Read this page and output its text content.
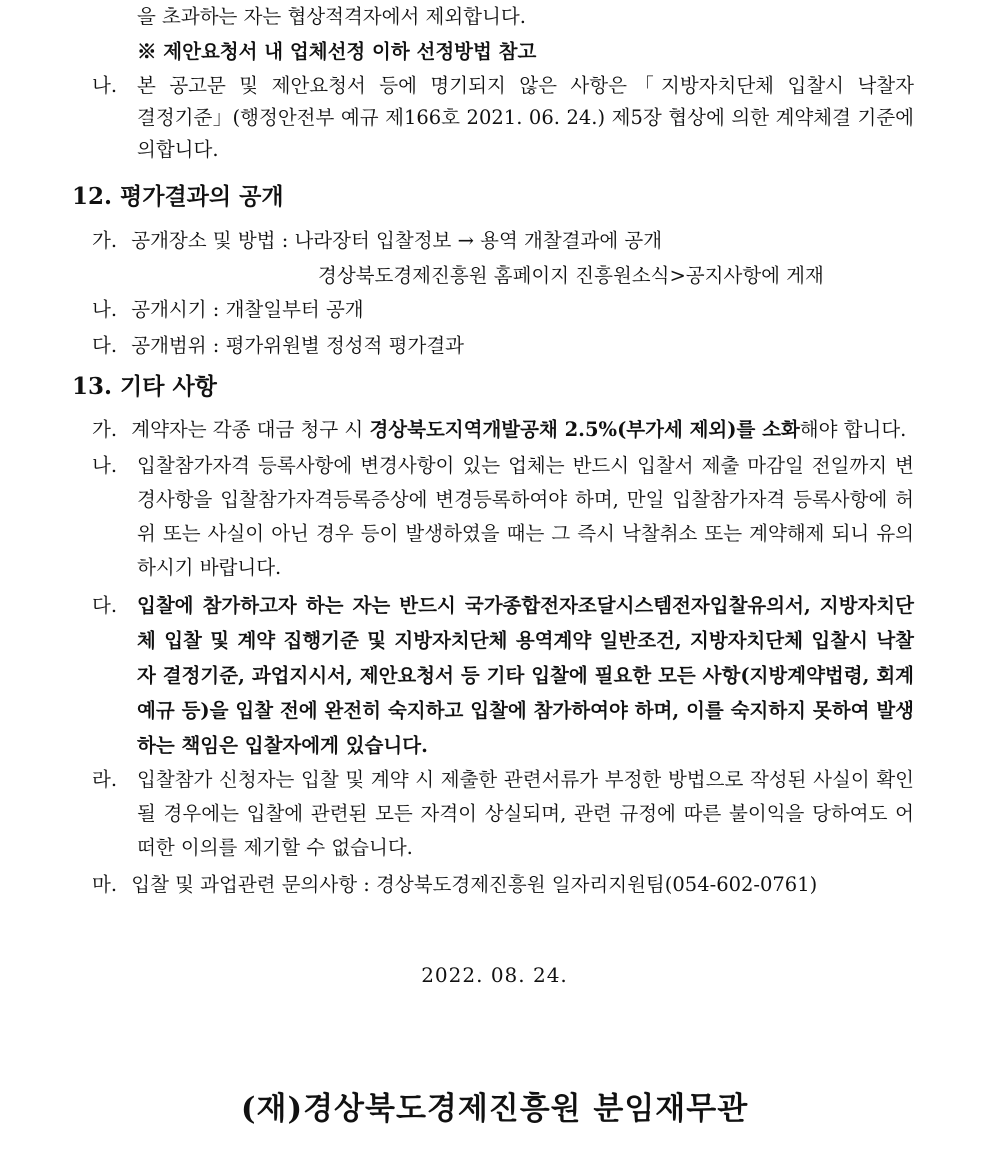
을 초과하는 자는 협상적격자에서 제외합니다.
※ 제안요청서 내 업체선정 이하 선정방법 참고
나. 본 공고문 및 제안요청서 등에 명기되지 않은 사항은「지방자치단체 입찰시 낙찰자
결정기준」(행정안전부 예규 제166호 2021. 06. 24.) 제5장 협상에 의한 계약체결 기준에
의합니다.
12. 평가결과의 공개
가. 공개장소 및 방법 : 나라장터 입찰정보 → 용역 개찰결과에 공개
경상북도경제진흥원 홈페이지 진흥원소식>공지사항에 게재
나. 공개시기 : 개찰일부터 공개
다. 공개범위 : 평가위원별 정성적 평가결과
13. 기타 사항
가. 계약자는 각종 대금 청구 시 경상북도지역개발공채 2.5%(부가세 제외)를 소화해야 합니다.
나. 입찰참가자격 등록사항에 변경사항이 있는 업체는 반드시 입찰서 제출 마감일 전일까지 변경사항을 입찰참가자격등록증상에 변경등록하여야 하며, 만일 입찰참가자격 등록사항에 허위 또는 사실이 아닌 경우 등이 발생하였을 때는 그 즉시 낙찰취소 또는 계약해제 되니 유의하시기 바랍니다.
다. 입찰에 참가하고자 하는 자는 반드시 국가종합전자조달시스템전자입찰유의서, 지방자치단체 입찰 및 계약 집행기준 및 지방자치단체 용역계약 일반조건, 지방자치단체 입찰시 낙찰자 결정기준, 과업지시서, 제안요청서 등 기타 입찰에 필요한 모든 사항(지방계약법령, 회계예규 등)을 입찰 전에 완전히 숙지하고 입찰에 참가하여야 하며, 이를 숙지하지 못하여 발생하는 책임은 입찰자에게 있습니다.
라. 입찰참가 신청자는 입찰 및 계약 시 제출한 관련서류가 부정한 방법으로 작성된 사실이 확인될 경우에는 입찰에 관련된 모든 자격이 상실되며, 관련 규정에 따른 불이익을 당하여도 어떠한 이의를 제기할 수 없습니다.
마. 입찰 및 과업관련 문의사항 : 경상북도경제진흥원 일자리지원팀(054-602-0761)
2022. 08. 24.
(재)경상북도경제진흥원 분임재무관
